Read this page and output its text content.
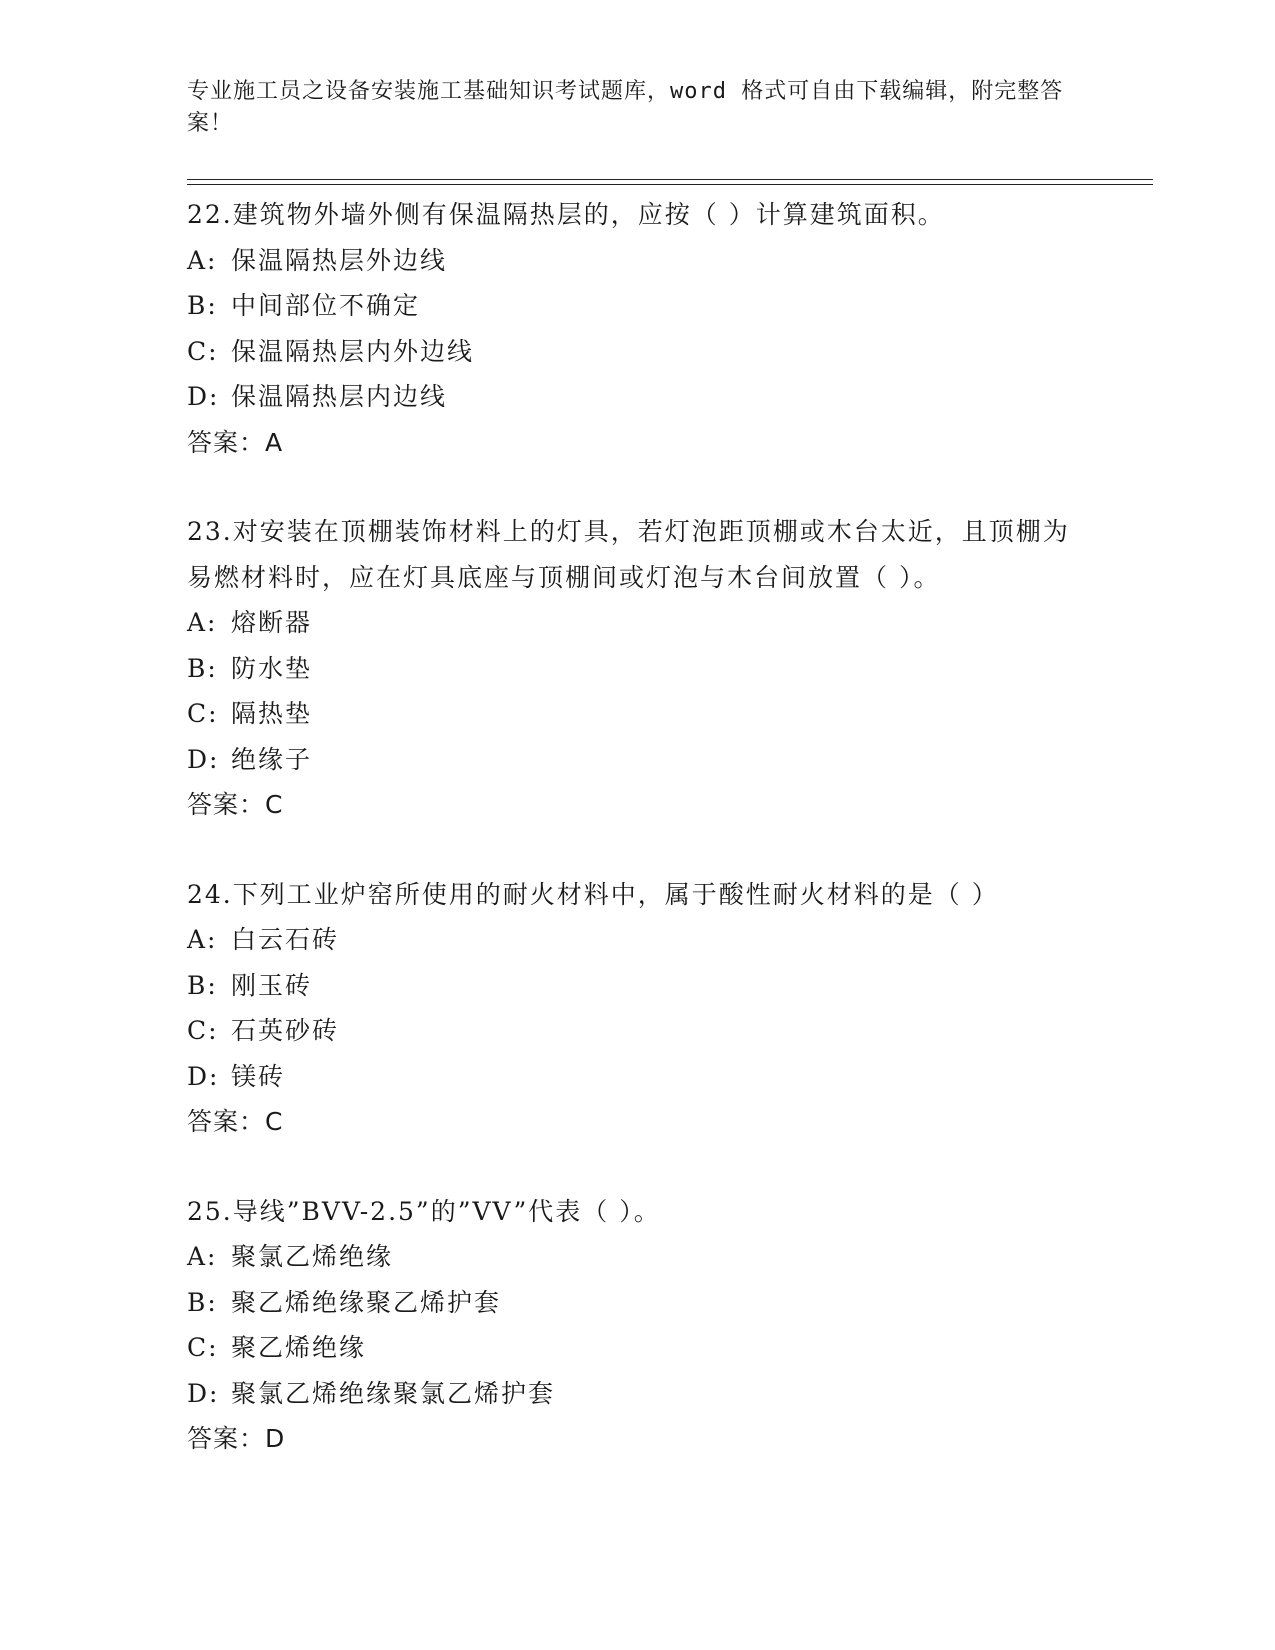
专业施工员之设备安装施工基础知识考试题库，word 格式可自由下载编辑，附完整答案！
22.建筑物外墙外侧有保温隔热层的，应按（ ）计算建筑面积。
A: 保温隔热层外边线
B: 中间部位不确定
C: 保温隔热层内外边线
D: 保温隔热层内边线
答案：A
23.对安装在顶棚装饰材料上的灯具，若灯泡距顶棚或木台太近，且顶棚为易燃材料时，应在灯具底座与顶棚间或灯泡与木台间放置（ ）。
A: 熔断器
B: 防水垫
C: 隔热垫
D: 绝缘子
答案：C
24.下列工业炉窑所使用的耐火材料中，属于酸性耐火材料的是（ ）
A: 白云石砖
B: 刚玉砖
C: 石英砂砖
D: 镁砖
答案：C
25.导线”BVV-2.5”的”VV”代表（ ）。
A: 聚氯乙烯绝缘
B: 聚乙烯绝缘聚乙烯护套
C: 聚乙烯绝缘
D: 聚氯乙烯绝缘聚氯乙烯护套
答案：D
